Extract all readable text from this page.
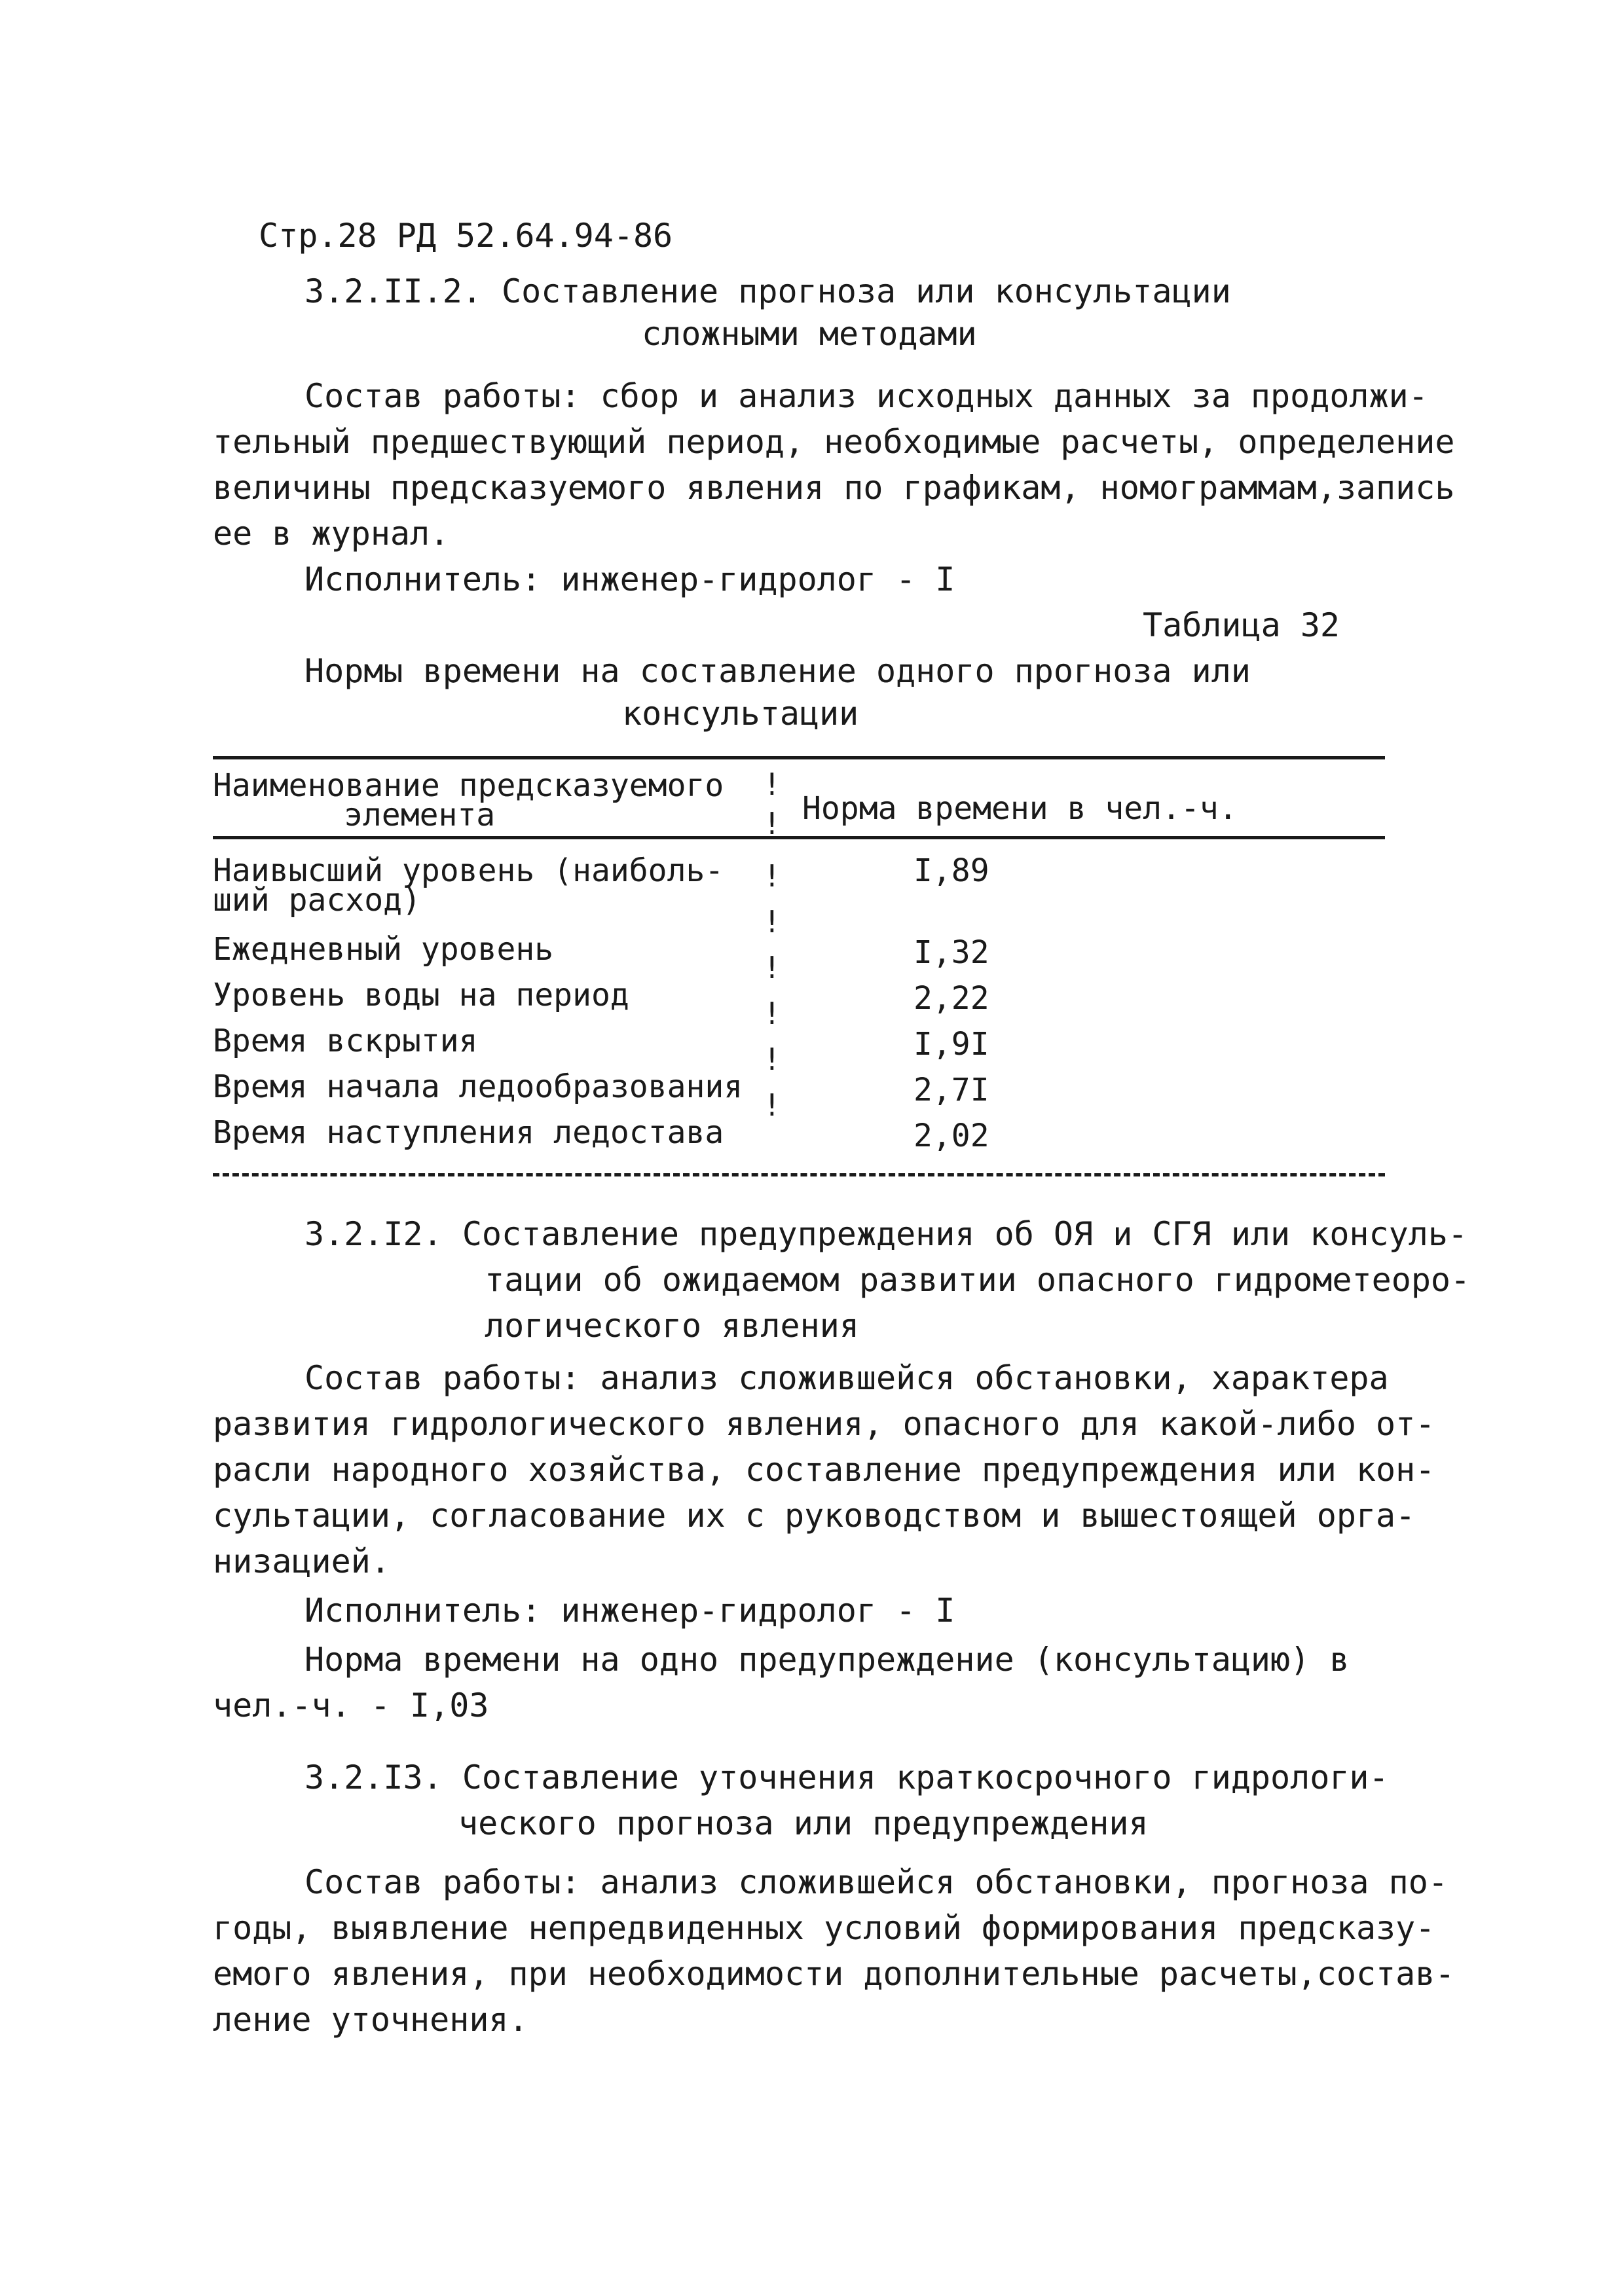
Стр.28 РД 52.64.94-86
3.2.II.2. Составление прогноза или консультации
сложными методами
Состав работы: сбор и анализ исходных данных за продолжи-
тельный предшествующий период, необходимые расчеты, определение
величины предсказуемого явления по графикам, номограммам,запись
ее в журнал.
Исполнитель: инженер-гидролог - I
Таблица 32
Нормы времени на составление одного прогноза или
консультации
Наименование предсказуемого
элемента
!
! Норма времени в чел.-ч.
Наивысший уровень (наиболь-
ший расход)
!	I,89
!
Ежедневный уровень	I,32
!
Уровень воды на период	2,22
!
Время вскрытия	I,9I
!
Время начала ледообразования	2,7I
!
Время наступления ледостава	2,02
3.2.I2. Составление предупреждения об ОЯ и СГЯ или консуль-
тации об ожидаемом развитии опасного гидрометеоро-
логического явления
Состав работы: анализ сложившейся обстановки, характера
развития гидрологического явления, опасного для какой-либо от-
расли народного хозяйства, составление предупреждения или кон-
сультации, согласование их с руководством и вышестоящей орга-
низацией.
Исполнитель: инженер-гидролог - I
Норма времени на одно предупреждение (консультацию) в
чел.-ч. - I,03
3.2.I3. Составление уточнения краткосрочного гидрологи-
ческого прогноза или предупреждения
Состав работы: анализ сложившейся обстановки, прогноза по-
годы, выявление непредвиденных условий формирования предсказу-
емого явления, при необходимости дополнительные расчеты,состав-
ление уточнения.
